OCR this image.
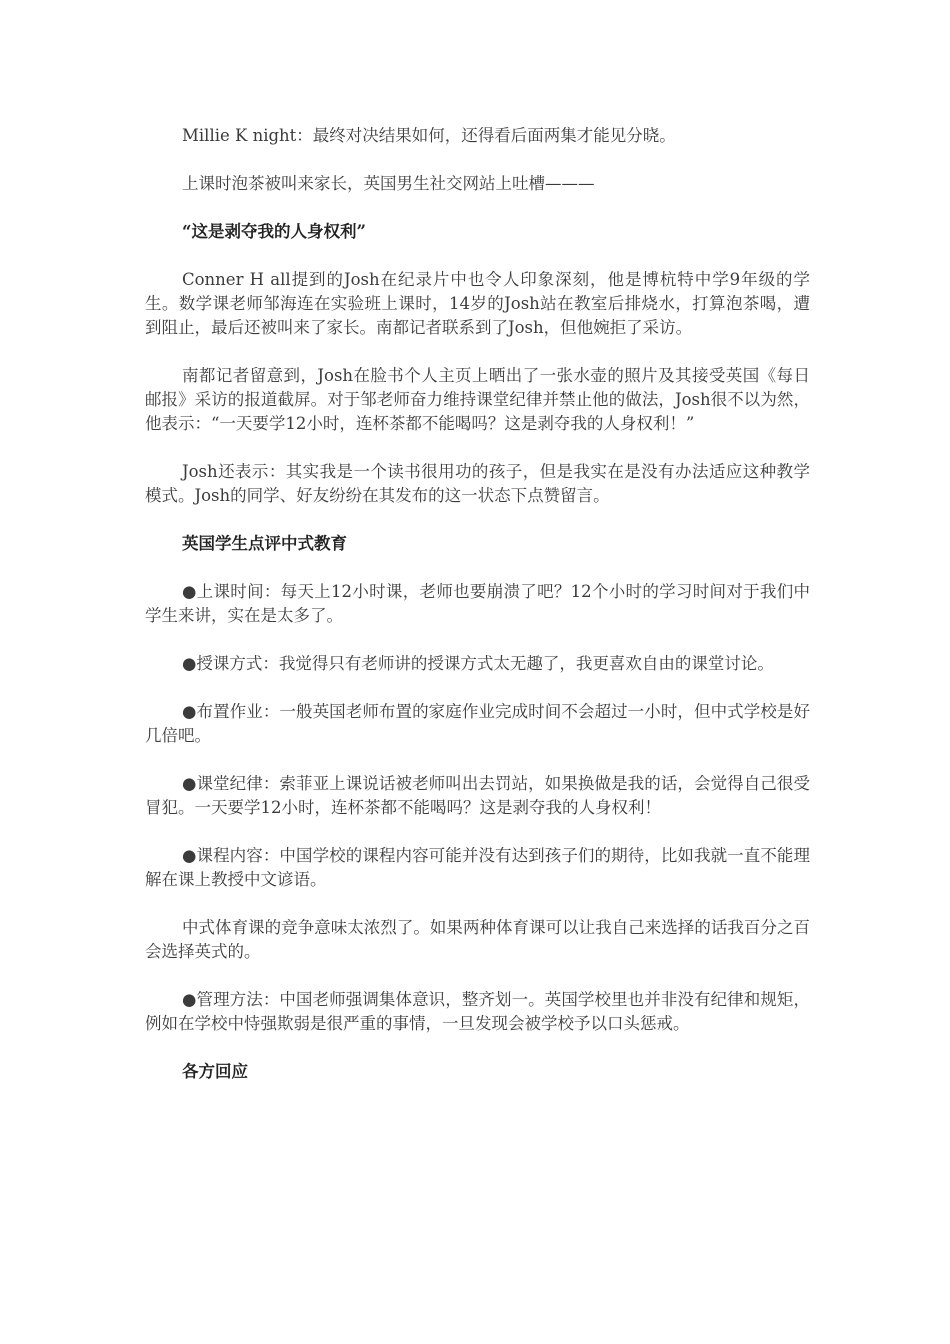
Millie K night：最终对决结果如何，还得看后面两集才能见分晓。

上课时泡茶被叫来家长，英国男生社交网站上吐槽———

“这是剥夺我的人身权利”

Conner H all提到的Josh在纪录片中也令人印象深刻，他是博杭特中学9年级的学生。数学课老师邹海连在实验班上课时，14岁的Josh站在教室后排烧水，打算泡茶喝，遭到阻止，最后还被叫来了家长。南都记者联系到了Josh，但他婉拒了采访。

南都记者留意到，Josh在脸书个人主页上晒出了一张水壶的照片及其接受英国《每日邮报》采访的报道截屏。对于邹老师奋力维持课堂纪律并禁止他的做法，Josh很不以为然，他表示：“一天要学12小时，连杯茶都不能喝吗？这是剥夺我的人身权利！”

Josh还表示：其实我是一个读书很用功的孩子，但是我实在是没有办法适应这种教学模式。Josh的同学、好友纷纷在其发布的这一状态下点赞留言。

英国学生点评中式教育

●上课时间：每天上12小时课，老师也要崩溃了吧？12个小时的学习时间对于我们中学生来讲，实在是太多了。

●授课方式：我觉得只有老师讲的授课方式太无趣了，我更喜欢自由的课堂讨论。

●布置作业：一般英国老师布置的家庭作业完成时间不会超过一小时，但中式学校是好几倍吧。

●课堂纪律：索菲亚上课说话被老师叫出去罚站，如果换做是我的话，会觉得自己很受冒犯。一天要学12小时，连杯茶都不能喝吗？这是剥夺我的人身权利！

●课程内容：中国学校的课程内容可能并没有达到孩子们的期待，比如我就一直不能理解在课上教授中文谚语。

中式体育课的竞争意味太浓烈了。如果两种体育课可以让我自己来选择的话我百分之百会选择英式的。

●管理方法：中国老师强调集体意识，整齐划一。英国学校里也并非没有纪律和规矩，例如在学校中恃强欺弱是很严重的事情，一旦发现会被学校予以口头惩戒。

各方回应
